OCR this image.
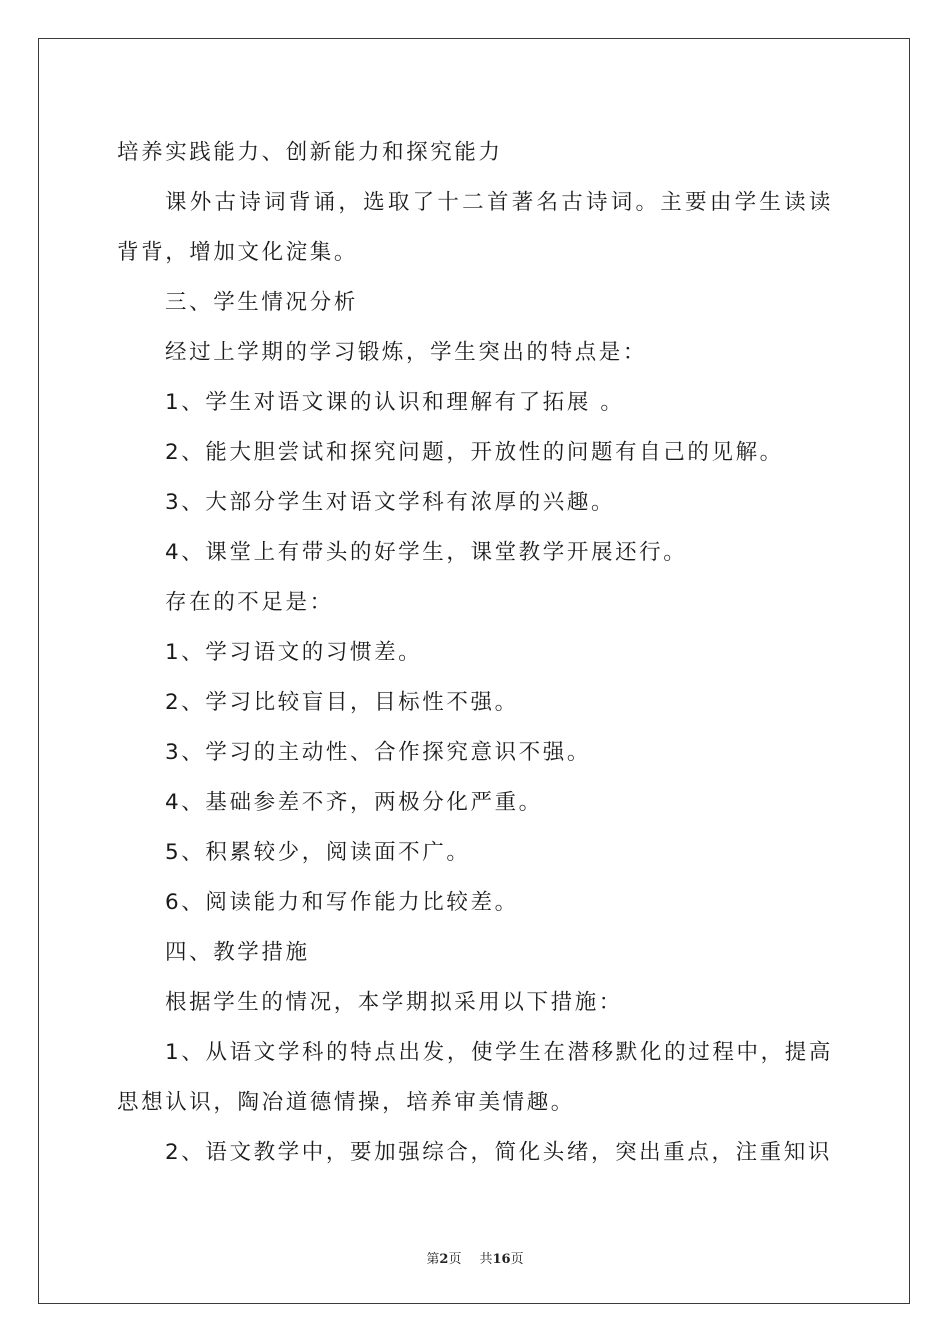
培养实践能力、创新能力和探究能力

课外古诗词背诵，选取了十二首著名古诗词。主要由学生读读背背，增加文化淀集。

三、学生情况分析

经过上学期的学习锻炼，学生突出的特点是：

1、学生对语文课的认识和理解有了拓展 。

2、能大胆尝试和探究问题，开放性的问题有自己的见解。

3、大部分学生对语文学科有浓厚的兴趣。

4、课堂上有带头的好学生，课堂教学开展还行。

存在的不足是：

1、学习语文的习惯差。

2、学习比较盲目，目标性不强。

3、学习的主动性、合作探究意识不强。

4、基础参差不齐，两极分化严重。

5、积累较少，阅读面不广。

6、阅读能力和写作能力比较差。

四、教学措施

根据学生的情况，本学期拟采用以下措施：

1、从语文学科的特点出发，使学生在潜移默化的过程中，提高思想认识，陶冶道德情操，培养审美情趣。

2、语文教学中，要加强综合，简化头绪，突出重点，注重知识

第2页 共16页
